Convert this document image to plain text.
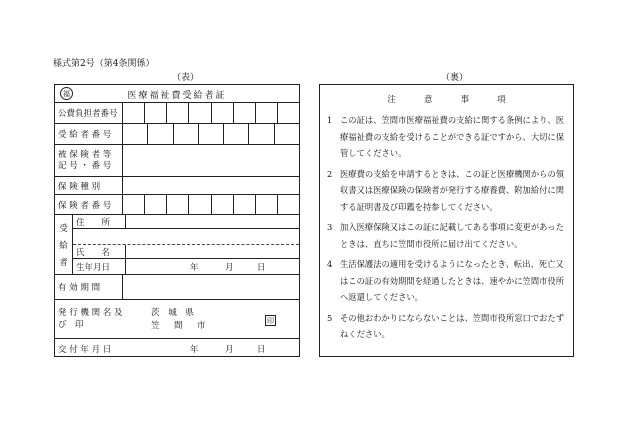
様式第2号（第4条関係）
（表）	（裏）
福	医療福祉費受給者証
公費負担者番号
受 給 者 番 号
被 保 険 者 等 記 号 ・ 番 号
保 険 種 別
保 険 者 番 号
受
給
者
住　　所
氏　　名
生年月日	年	月	日
有 効 期 間
発 行 機 関 名 及　び　印
茨 城 県
笠　間　市
印
交 付 年 月 日	年	月	日
注	意	事	項
1 この証は、笠間市医療福祉費の支給に関する条例により、医療福祉費の支給を受けることができる証ですから、大切に保管してください。
2 医療費の支給を申請するときは、この証と医療機関からの領収書又は医療保険の保険者が発行する療養費、附加給付に関する証明書及び印鑑を持参してください。
3 加入医療保険又はこの証に記載してある事項に変更があったときは、直ちに笠間市役所に届け出てください。
4 生活保護法の適用を受けるようになったとき、転出、死亡又はこの証の有効期間を経過したときは、速やかに笠間市役所へ返還してください。
5 その他おわかりにならないことは、笠間市役所窓口でおたずねください。
